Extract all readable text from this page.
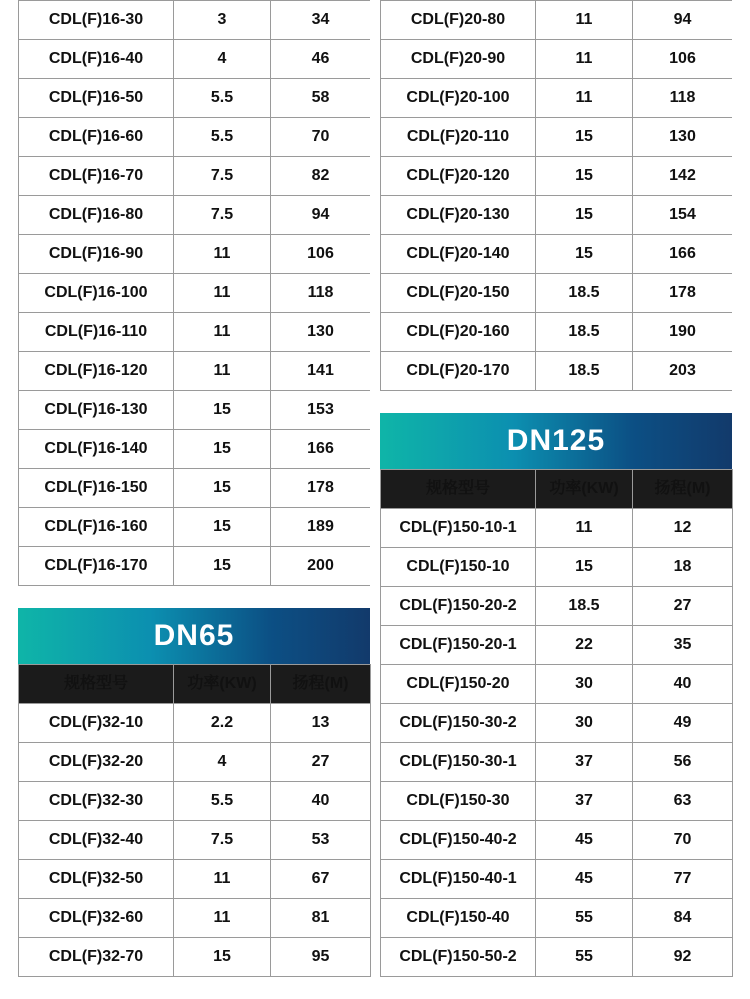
CDL(F)16-30	3	34
CDL(F)16-40	4	46
CDL(F)16-50	5.5	58
CDL(F)16-60	5.5	70
CDL(F)16-70	7.5	82
CDL(F)16-80	7.5	94
CDL(F)16-90	11	106
CDL(F)16-100	11	118
CDL(F)16-110	11	130
CDL(F)16-120	11	141
CDL(F)16-130	15	153
CDL(F)16-140	15	166
CDL(F)16-150	15	178
CDL(F)16-160	15	189
CDL(F)16-170	15	200
DN65
规格型号	功率(KW)	扬程(M)
CDL(F)32-10	2.2	13
CDL(F)32-20	4	27
CDL(F)32-30	5.5	40
CDL(F)32-40	7.5	53
CDL(F)32-50	11	67
CDL(F)32-60	11	81
CDL(F)32-70	15	95
CDL(F)20-80	11	94
CDL(F)20-90	11	106
CDL(F)20-100	11	118
CDL(F)20-110	15	130
CDL(F)20-120	15	142
CDL(F)20-130	15	154
CDL(F)20-140	15	166
CDL(F)20-150	18.5	178
CDL(F)20-160	18.5	190
CDL(F)20-170	18.5	203
DN125
规格型号	功率(KW)	扬程(M)
CDL(F)150-10-1	11	12
CDL(F)150-10	15	18
CDL(F)150-20-2	18.5	27
CDL(F)150-20-1	22	35
CDL(F)150-20	30	40
CDL(F)150-30-2	30	49
CDL(F)150-30-1	37	56
CDL(F)150-30	37	63
CDL(F)150-40-2	45	70
CDL(F)150-40-1	45	77
CDL(F)150-40	55	84
CDL(F)150-50-2	55	92
